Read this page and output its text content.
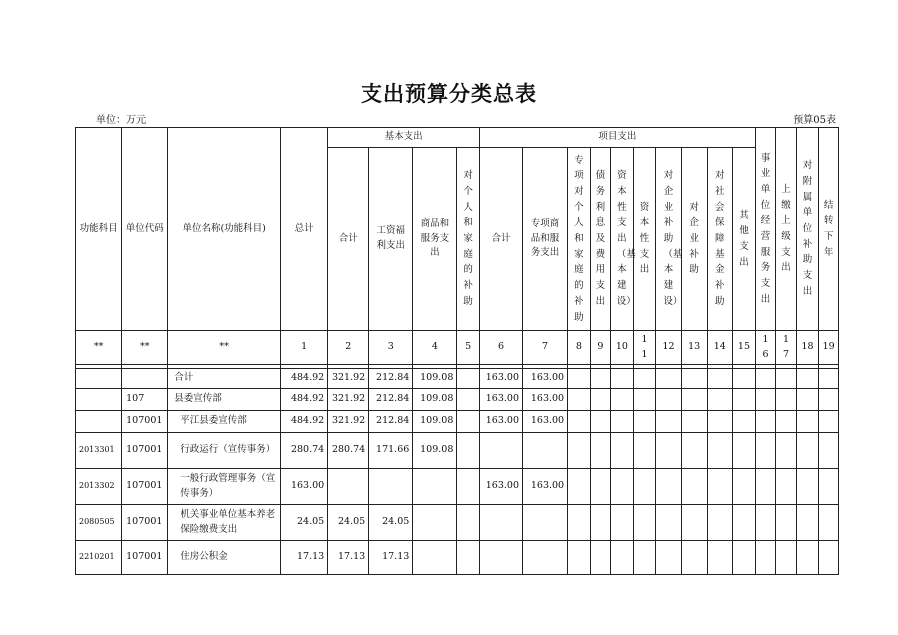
支出预算分类总表
单位：万元	预算05表
功能科目	单位代码	单位名称(功能科目)	总计	基本支出				项目支出										事业单位经营服务支出	上缴上级支出	对附属单位补助支出	结转下年
				合计	工资福利支出	商品和服务支出	对个人和家庭的补助	合计	专项商品和服务支出	专项对个人和家庭的补助	债务利息及费用支出	资本性支出（基本建设）	资本性支出	对企业补助（基本建设）	对企业补助	对社会保障基金补助	其他支出				
**	**	**	1	2	3	4	5	6	7	8	9	10	11	12	13	14	15	16	17	18	19

		合计	484.92	321.92	212.84	109.08		163.00	163.00												
	107	县委宣传部	484.92	321.92	212.84	109.08		163.00	163.00												
	107001	平江县委宣传部	484.92	321.92	212.84	109.08		163.00	163.00												
2013301	107001	行政运行（宣传事务）	280.74	280.74	171.66	109.08															
2013302	107001	一般行政管理事务（宣传事务）	163.00					163.00	163.00												
2080505	107001	机关事业单位基本养老保险缴费支出	24.05	24.05	24.05																
2210201	107001	住房公积金	17.13	17.13	17.13																
